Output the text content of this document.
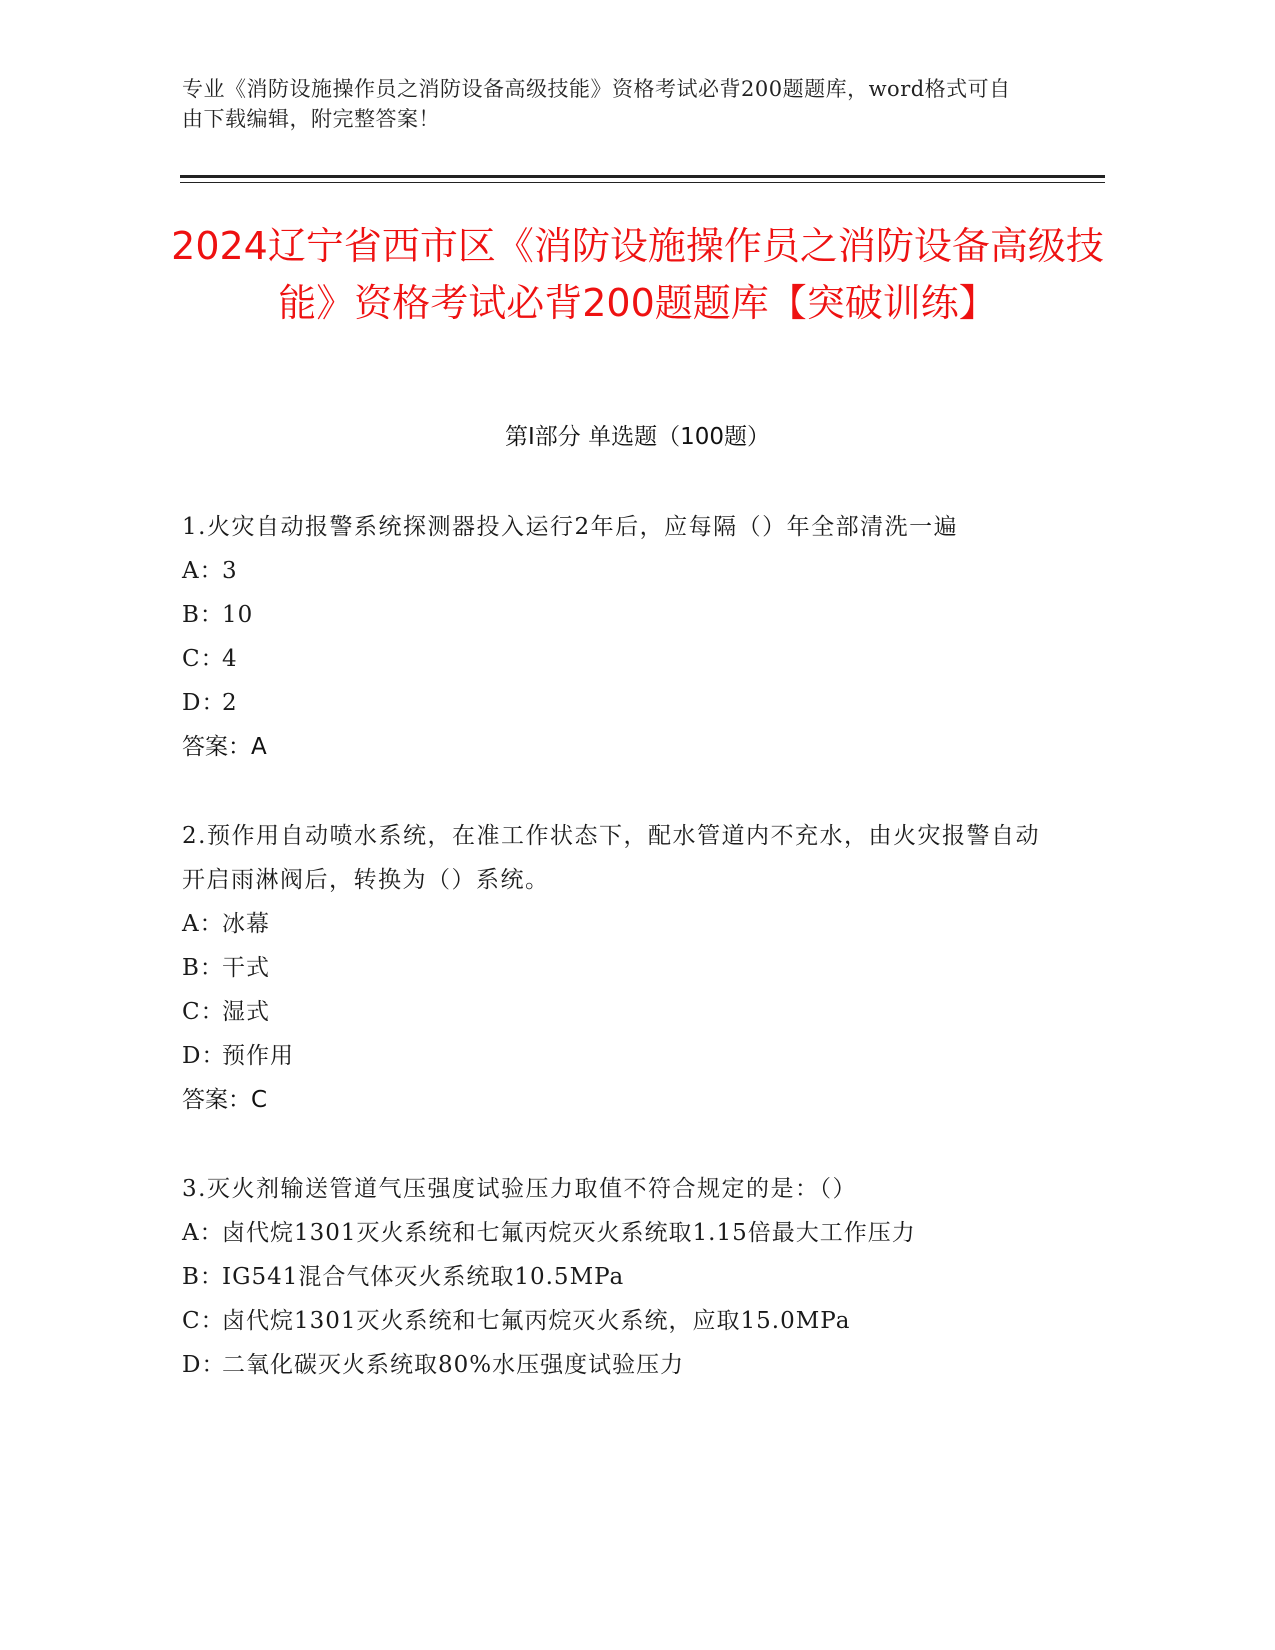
专业《消防设施操作员之消防设备高级技能》资格考试必背200题题库，word格式可自由下载编辑，附完整答案！
2024辽宁省西市区《消防设施操作员之消防设备高级技能》资格考试必背200题题库【突破训练】
第I部分 单选题（100题）

1.火灾自动报警系统探测器投入运行2年后，应每隔（）年全部清洗一遍

A：3

B：10

C：4

D：2

答案：A

2.预作用自动喷水系统，在准工作状态下，配水管道内不充水，由火灾报警自动开启雨淋阀后，转换为（）系统。

A：冰幕

B：干式

C：湿式

D：预作用

答案：C

3.灭火剂输送管道气压强度试验压力取值不符合规定的是：（）

A：卤代烷1301灭火系统和七氟丙烷灭火系统取1.15倍最大工作压力

B：IG541混合气体灭火系统取10.5MPa

C：卤代烷1301灭火系统和七氟丙烷灭火系统，应取15.0MPa

D：二氧化碳灭火系统取80%水压强度试验压力
